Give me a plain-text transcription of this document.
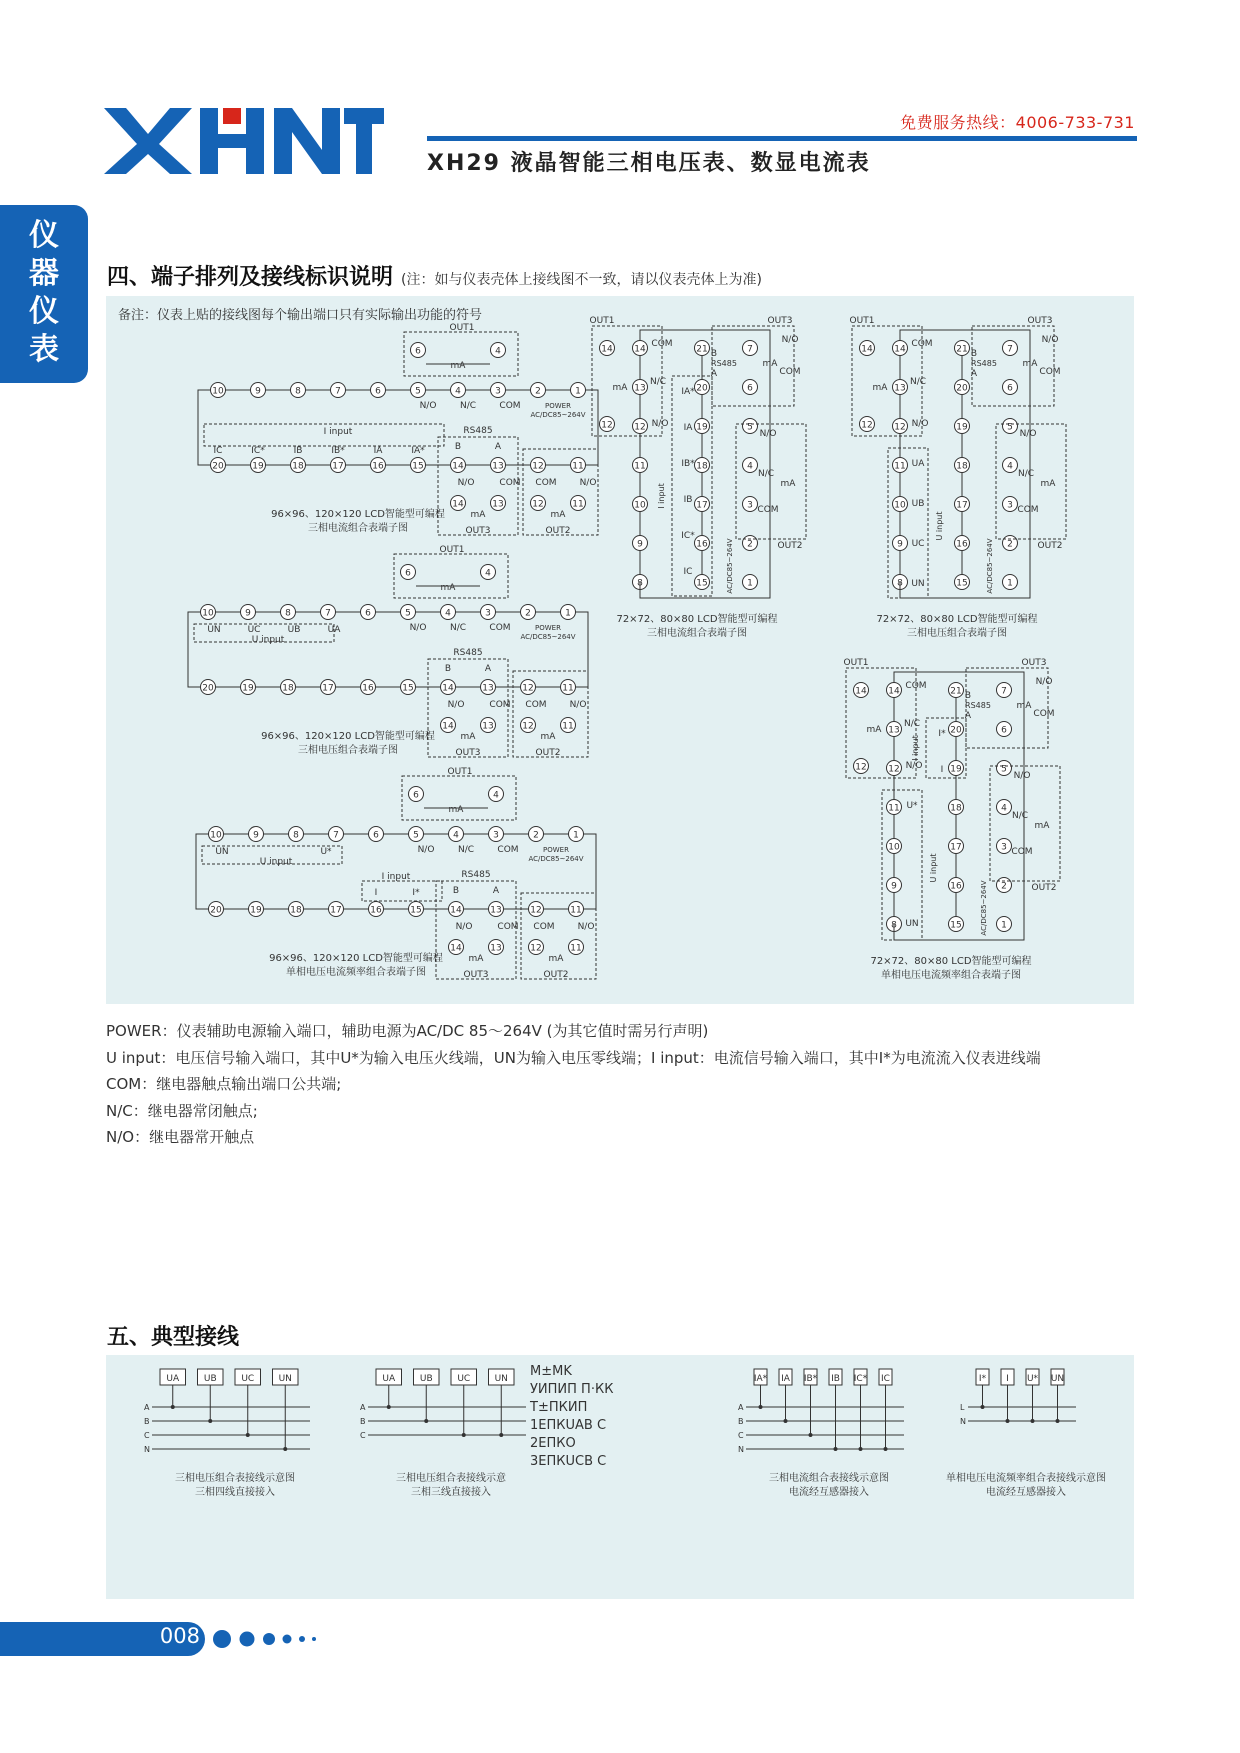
XHNT
免费服务热线：4006-733-731
XH29 液晶智能三相电压表、数显电流表
仪器仪表
四、端子排列及接线标识说明 (注：如与仪表壳体上接线图不一致，请以仪表壳体上为准)
备注：仪表上贴的接线图每个输出端口只有实际输出功能的符号
OUT1
6	4
mA
10	9	8	7	6	5	4	3	2	1
20	19	18	17	16	15	14	13	12	11
N/O	N/C	COM	POWER
AC/DC85~264V
I input
IC	IC*	IB	IB*	IA	IA*
RS485
B	A
N/O	COM
14	13
mA
OUT3
COM	N/O
12	11
mA
OUT2
96×96、120×120 LCD智能型可编程
三相电流组合表端子图
OUT1
6	4
mA
10	9	8	7	6	5	4	3	2	1
20	19	18	17	16	15	14	13	12	11
N/O	N/C	COM	POWER
AC/DC85~264V
U input
UN	UC	UB	UA
RS485
B	A
N/O	COM
14	13
mA
OUT3
COM	N/O
12	11
mA
OUT2
96×96、120×120 LCD智能型可编程
三相电压组合表端子图
OUT1
6	4
mA
10	9	8	7	6	5	4	3	2	1
20	19	18	17	16	15	14	13	12	11
N/O	N/C	COM	POWER
AC/DC85~264V
U input
UN	U*
I input
I	I*
RS485
B	A
N/O	COM
14	13
mA
OUT3
COM	N/O
12	11
mA
OUT2
96×96、120×120 LCD智能型可编程
单相电压电流频率组合表端子图
OUT1
14
12
mA
14
13
12
11
10
9
8
COM
N/C
N/O
21
20
19
18
17
16
15
7
6
5
4
3
2
1
OUT3
RS485
B
A
mA
N/O
COM
OUT2
N/O
N/C
COM
mA
AC/DC85~264V
I input
IA*
IA
IB*
IB
IC*
IC
72×72、80×80 LCD智能型可编程
三相电流组合表端子图
OUT1
14
12
mA
14
13
12
11
10
9
8
COM
N/C
N/O
21
20
19
18
17
16
15
7
6
5
4
3
2
1
OUT3
RS485
B
A
mA
N/O
COM
OUT2
N/O
N/C
COM
mA
AC/DC85~264V
U input
UA
UB
UC
UN
72×72、80×80 LCD智能型可编程
三相电压组合表端子图
OUT1
14
12
mA
14
13
12
11
10
9
8
COM
N/C
N/O
21
20
19
18
17
16
15
7
6
5
4
3
2
1
OUT3
RS485
B
A
mA
N/O
COM
OUT2
N/O
N/C
COM
mA
AC/DC85~264V
U input
U*
UN
I input
I*
I
72×72、80×80 LCD智能型可编程
单相电压电流频率组合表端子图
POWER：仪表辅助电源输入端口，辅助电源为AC/DC 85～264V (为其它值时需另行声明)
U input：电压信号输入端口，其中U*为输入电压火线端，UN为输入电压零线端；I input：电流信号输入端口，其中I*为电流流入仪表进线端
COM：继电器触点输出端口公共端;
N/C：继电器常闭触点;
N/O：继电器常开触点
五、典型接线
UA	UB	UC	UN
A
B
C
N
三相电压组合表接线示意图
三相四线直接接入
UA	UB	UC	UN
A
B
C
三相电压组合表接线示意
三相三线直接接入
IA* IA IB* IB IC* IC
A
B
C
N
三相电流组合表接线示意图
电流经互感器接入
I* I U* UN
L
N
单相电压电流频率组合表接线示意图
电流经互感器接入
M±MK
УИПИП П·КК
T±ПКИП
1EПКUAB C
2EПКO
3EПКUCB C
008
